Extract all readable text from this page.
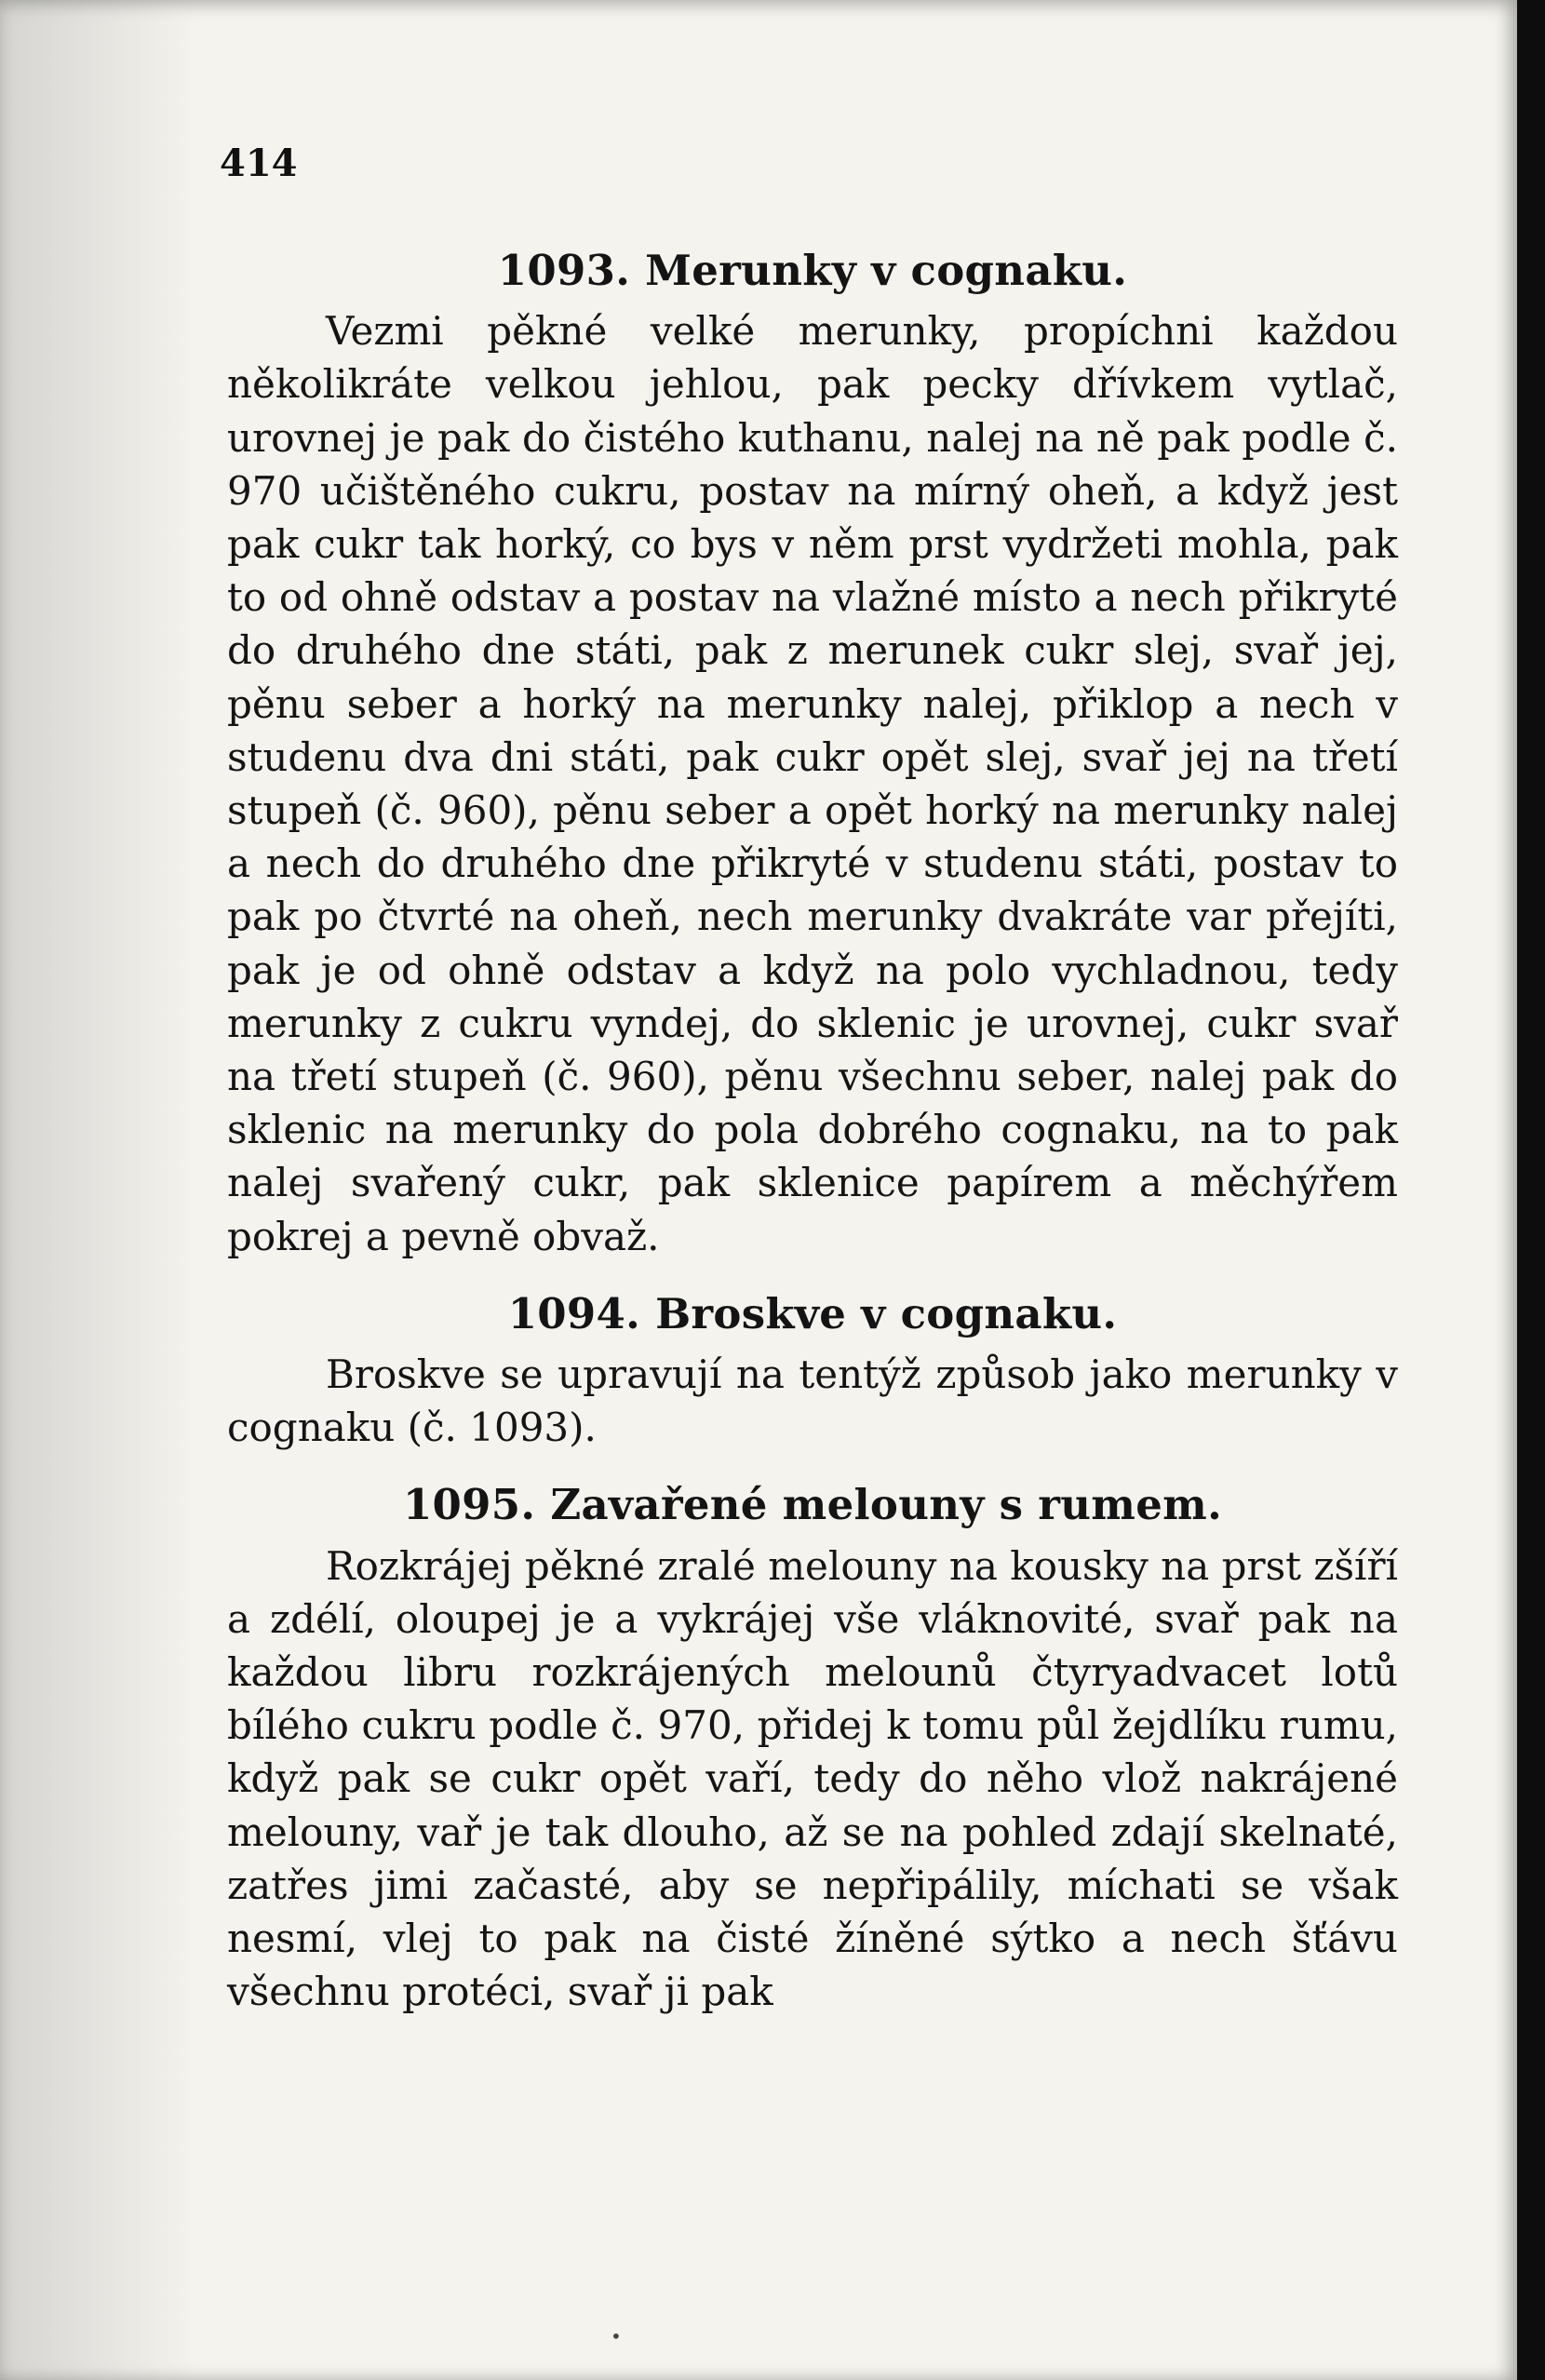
414
1093. Merunky v cognaku.

Vezmi pěkné velké merunky, propíchni každou několikráte velkou jehlou, pak pecky dřívkem vytlač, urovnej je pak do čistého kuthanu, nalej na ně pak podle č. 970 učištěného cukru, postav na mírný oheň, a když jest pak cukr tak horký, co bys v něm prst vydržeti mohla, pak to od ohně odstav a postav na vlažné místo a nech přikryté do druhého dne státi, pak z merunek cukr slej, svař jej, pěnu seber a horký na merunky nalej, přiklop a nech v studenu dva dni státi, pak cukr opět slej, svař jej na třetí stupeň (č. 960), pěnu seber a opět horký na merunky nalej a nech do druhého dne přikryté v studenu státi, postav to pak po čtvrté na oheň, nech merunky dvakráte var přejíti, pak je od ohně odstav a když na polo vychladnou, tedy merunky z cukru vyndej, do sklenic je urovnej, cukr svař na třetí stupeň (č. 960), pěnu všechnu seber, nalej pak do sklenic na merunky do pola dobrého cognaku, na to pak nalej svařený cukr, pak sklenice papírem a měchýřem pokrej a pevně obvaž.

1094. Broskve v cognaku.

Broskve se upravují na tentýž způsob jako merunky v cognaku (č. 1093).

1095. Zavařené melouny s rumem.

Rozkrájej pěkné zralé melouny na kousky na prst zšíří a zdélí, oloupej je a vykrájej vše vláknovité, svař pak na každou libru rozkrájených melounů čtyryadvacet lotů bílého cukru podle č. 970, přidej k tomu půl žejdlíku rumu, když pak se cukr opět vaří, tedy do něho vlož nakrájené melouny, vař je tak dlouho, až se na pohled zdají skelnaté, zatřes jimi začasté, aby se nepřipálily, míchati se však nesmí, vlej to pak na čisté žíněné sýtko a nech šťávu všechnu protéci, svař ji pak

•
